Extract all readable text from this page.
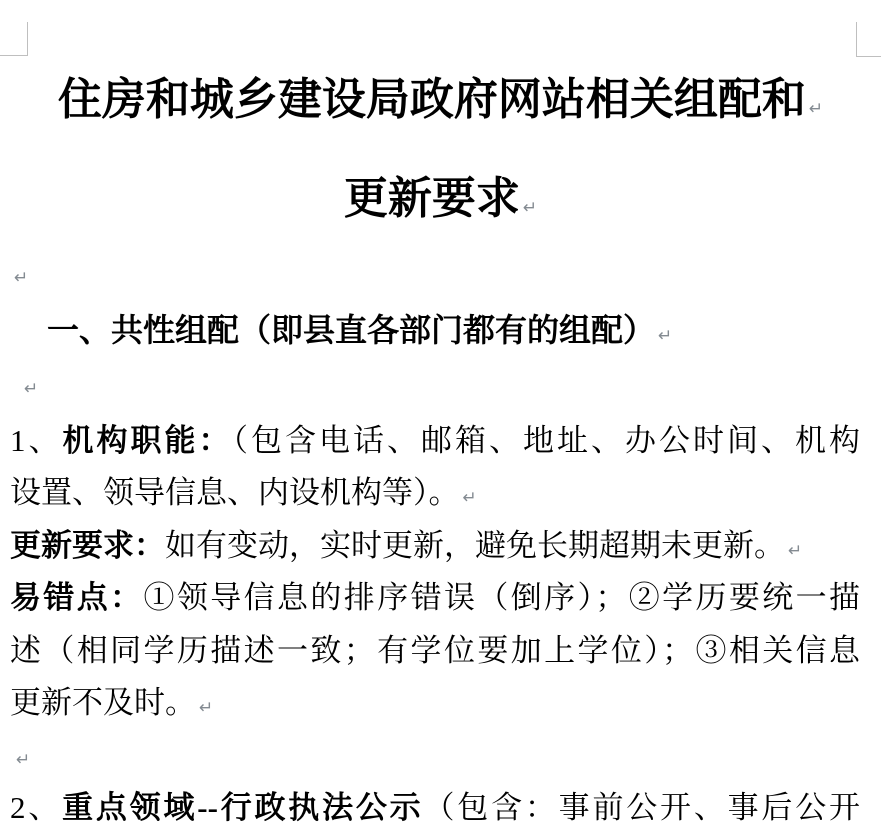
住房和城乡建设局政府网站相关组配和 ↵
更新要求 ↵
↵
一、共性组配（即县直各部门都有的组配） ↵
↵
1、机构职能：（包含电话、邮箱、地址、办公时间、机构
设置、领导信息、内设机构等）。 ↵
更新要求：如有变动，实时更新，避免长期超期未更新。 ↵
易错点：①领导信息的排序错误（倒序）；②学历要统一描
述（相同学历描述一致；有学位要加上学位）；③相关信息
更新不及时。 ↵
↵
2、重点领域--行政执法公示（包含：事前公开、事后公开
